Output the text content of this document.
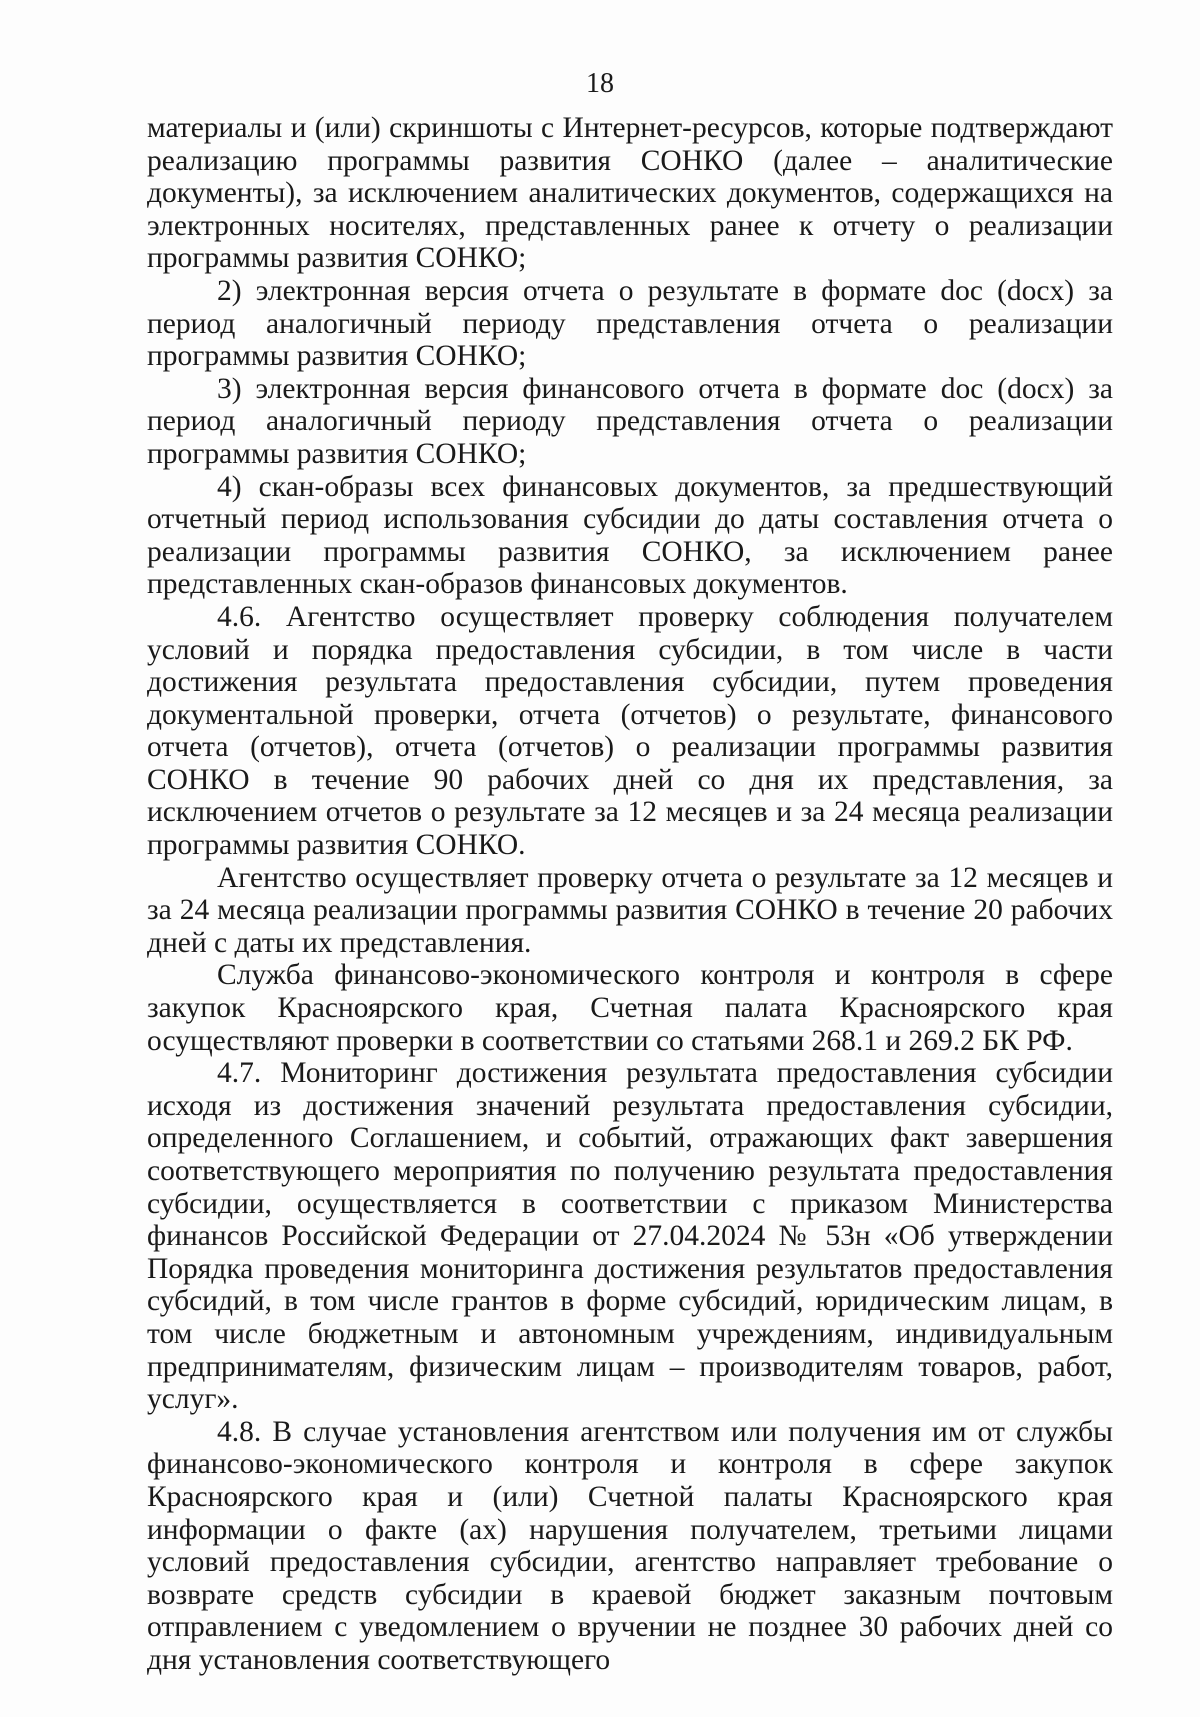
18

материалы и (или) скриншоты с Интернет-ресурсов, которые подтверждают реализацию программы развития СОНКО (далее – аналитические документы), за исключением аналитических документов, содержащихся на электронных носителях, представленных ранее к отчету о реализации программы развития СОНКО;

2) электронная версия отчета о результате в формате doc (docx) за период аналогичный периоду представления отчета о реализации программы развития СОНКО;

3) электронная версия финансового отчета в формате doc (docx) за период аналогичный периоду представления отчета о реализации программы развития СОНКО;

4) скан-образы всех финансовых документов, за предшествующий отчетный период использования субсидии до даты составления отчета о реализации программы развития СОНКО, за исключением ранее представленных скан-образов финансовых документов.

4.6. Агентство осуществляет проверку соблюдения получателем условий и порядка предоставления субсидии, в том числе в части достижения результата предоставления субсидии, путем проведения документальной проверки, отчета (отчетов) о результате, финансового отчета (отчетов), отчета (отчетов) о реализации программы развития СОНКО в течение 90 рабочих дней со дня их представления, за исключением отчетов о результате за 12 месяцев и за 24 месяца реализации программы развития СОНКО.

Агентство осуществляет проверку отчета о результате за 12 месяцев и за 24 месяца реализации программы развития СОНКО в течение 20 рабочих дней с даты их представления.

Служба финансово-экономического контроля и контроля в сфере закупок Красноярского края, Счетная палата Красноярского края осуществляют проверки в соответствии со статьями 268.1 и 269.2 БК РФ.

4.7. Мониторинг достижения результата предоставления субсидии исходя из достижения значений результата предоставления субсидии, определенного Соглашением, и событий, отражающих факт завершения соответствующего мероприятия по получению результата предоставления субсидии, осуществляется в соответствии с приказом Министерства финансов Российской Федерации от 27.04.2024 № 53н «Об утверждении Порядка проведения мониторинга достижения результатов предоставления субсидий, в том числе грантов в форме субсидий, юридическим лицам, в том числе бюджетным и автономным учреждениям, индивидуальным предпринимателям, физическим лицам – производителям товаров, работ, услуг».

4.8. В случае установления агентством или получения им от службы финансово-экономического контроля и контроля в сфере закупок Красноярского края и (или) Счетной палаты Красноярского края информации о факте (ах) нарушения получателем, третьими лицами условий предоставления субсидии, агентство направляет требование о возврате средств субсидии в краевой бюджет заказным почтовым отправлением с уведомлением о вручении не позднее 30 рабочих дней со дня установления соответствующего
